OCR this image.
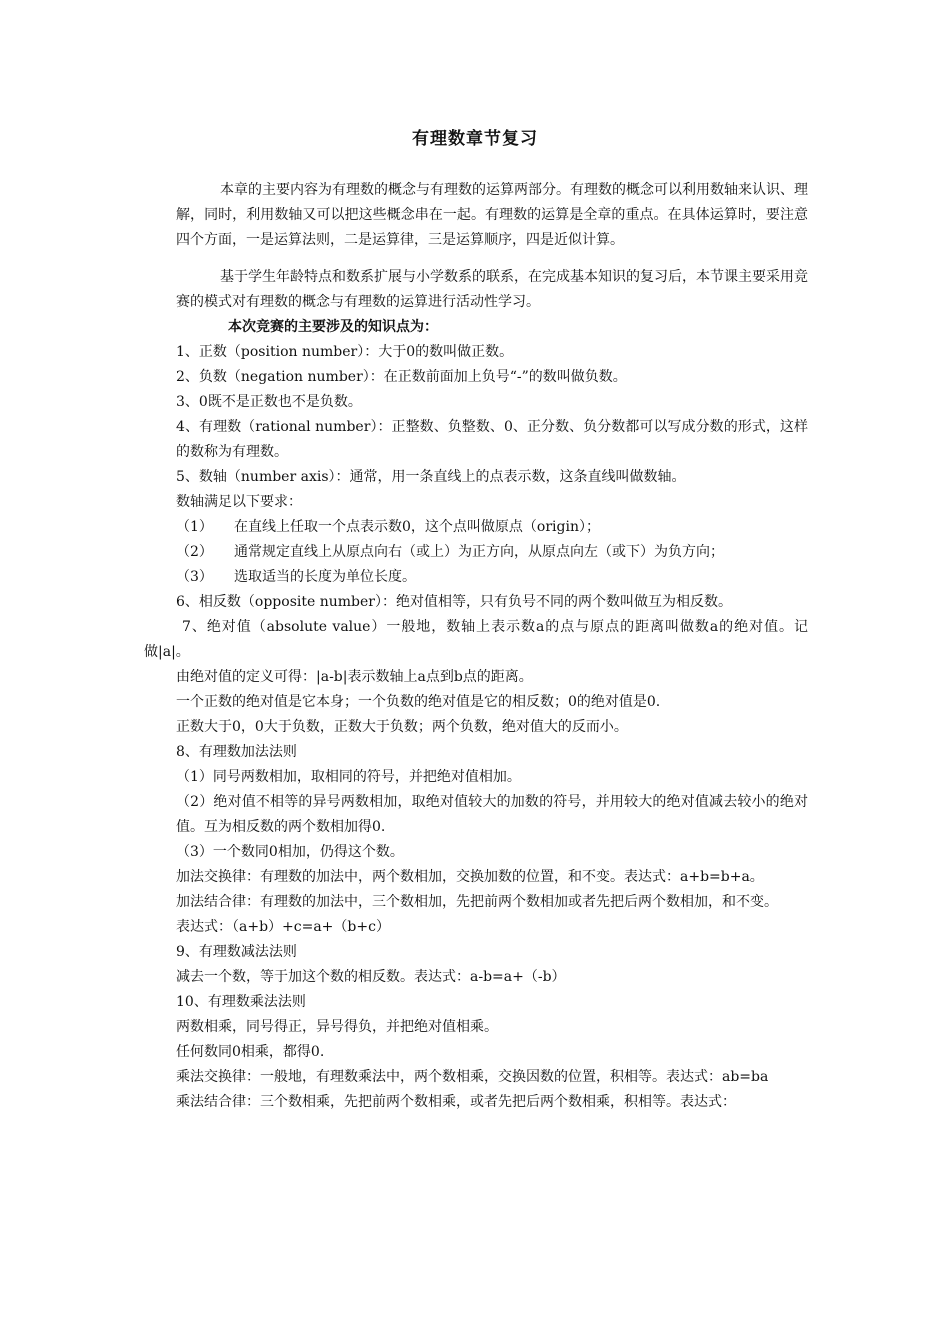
有理数章节复习

本章的主要内容为有理数的概念与有理数的运算两部分。有理数的概念可以利用数轴来认识、理解，同时，利用数轴又可以把这些概念串在一起。有理数的运算是全章的重点。在具体运算时，要注意四个方面，一是运算法则，二是运算律，三是运算顺序，四是近似计算。

基于学生年龄特点和数系扩展与小学数系的联系，在完成基本知识的复习后，本节课主要采用竞赛的模式对有理数的概念与有理数的运算进行活动性学习。

本次竞赛的主要涉及的知识点为：

1、正数（position number）：大于0的数叫做正数。

2、负数（negation number）：在正数前面加上负号“-”的数叫做负数。

3、0既不是正数也不是负数。

4、有理数（rational number）：正整数、负整数、0、正分数、负分数都可以写成分数的形式，这样的数称为有理数。

5、数轴（number axis）：通常，用一条直线上的点表示数，这条直线叫做数轴。

数轴满足以下要求：

（1） 在直线上任取一个点表示数0，这个点叫做原点（origin）；

（2） 通常规定直线上从原点向右（或上）为正方向，从原点向左（或下）为负方向；

（3） 选取适当的长度为单位长度。

6、相反数（opposite number）：绝对值相等，只有负号不同的两个数叫做互为相反数。

7、绝对值（absolute value）一般地，数轴上表示数a的点与原点的距离叫做数a的绝对值。记做|a|。

由绝对值的定义可得：|a-b|表示数轴上a点到b点的距离。

一个正数的绝对值是它本身；一个负数的绝对值是它的相反数；0的绝对值是0.

正数大于0，0大于负数，正数大于负数；两个负数，绝对值大的反而小。

8、有理数加法法则

（1）同号两数相加，取相同的符号，并把绝对值相加。

（2）绝对值不相等的异号两数相加，取绝对值较大的加数的符号，并用较大的绝对值减去较小的绝对值。互为相反数的两个数相加得0.

（3）一个数同0相加，仍得这个数。

加法交换律：有理数的加法中，两个数相加，交换加数的位置，和不变。表达式：a+b=b+a。

加法结合律：有理数的加法中，三个数相加，先把前两个数相加或者先把后两个数相加，和不变。

表达式：（a+b）+c=a+（b+c）

9、有理数减法法则

减去一个数，等于加这个数的相反数。表达式：a-b=a+（-b）

10、有理数乘法法则

两数相乘，同号得正，异号得负，并把绝对值相乘。

任何数同0相乘，都得0.

乘法交换律：一般地，有理数乘法中，两个数相乘，交换因数的位置，积相等。表达式：ab=ba

乘法结合律：三个数相乘，先把前两个数相乘，或者先把后两个数相乘，积相等。表达式：
